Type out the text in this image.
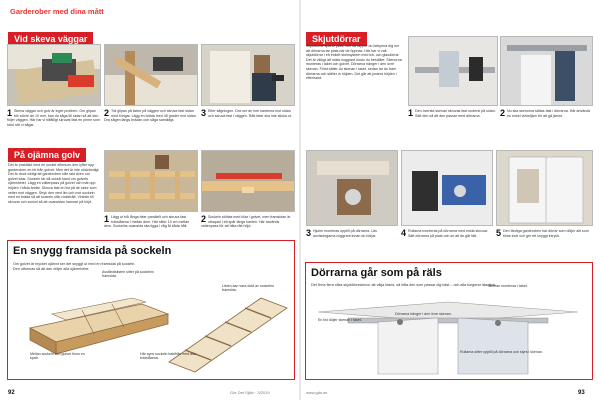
Garderober med dina mått
Vid skeva väggar
1 Skeva väggar och golv är inget problem. Om glipan blir större än 10 mm, kan du såga till sidan så att den följer väggen. Här har vi tillfälligt skruvat fast en pinne som stöd när vi sågar.
2 Trä glipan på listen på väggen och skruva fast sidan med tvingar. Lägg en bräda med 45 grader mot sidan. Dra sågen längs brädan och såga samtidigt.
3 Efter sågningen. Dra ner de inre kanterna mot sidan och skruva fast i väggen. Rätt bitar ska inte sticka ut.
På ojämna golv
Det är praktiskt med en sockel eftersom den lyfter upp garderoben en bit från golvet. Men det är inte nödvändigt. Det är dock viktigt att garderoben står rakt även om golvet lutar. Sockeln tar då också hand om golvets ojämnheter. Lägg en vattenpass på golvet och mät upp höjden i båda ändar. Skruva fast en list på de sidor som vetter mot väggen. Stryk den med lim och mot sockeln med en bräda så att sockeln står vinkelrätt. Vinkeln till skruvar och sockel så att ovansidan hamnar på höjd.
1 Lägg ut två långa bitar parallellt och skruva fast tvärslåarna i mellan dem. Här sitter 10 cm mellan dem. Sockelns ovansida ska ligga i våg åt båda håll.
2 Sockeln stöttas med kilar i golvet, men framsidan är utkapad i ett spår längs kanten. Här används vattenpass för att hitta rätt höjd.
En snygg framsida på sockeln
Om golvet är mycket ojämnt ser det snyggt ut med en framsida på sockeln. Den utformas så att den döljer alla ojämnheter.
Avståndslisten sitter på sockelns framsida.
Mellan sockeln och golvet finns en spalt.
Listen kan vara dold av sockelns framsida.
Här syns sockeln bakifrån med alla tvärslåarna.
92	Gör Det Själv · 3/2019
Skjutdörrar
Skjutdörrar sparar plats, och så slipper du bekymra dig om att dörrarna tar plats när de öppnas. Här har vi valt skjutdörrar i ett enkelt skensystem med trä- och glasdörrar. Det är viktigt att mäta noggrant innan du beställer. Skenorna monteras i taket och golvet. Dörrarna hänger i den övre skenan. Först sätter du skenan i taket, sedan tar du fram dörrarna och ställer in höjden. Det går att justera höjden i efterhand.
1 Den översta skenan skruvas fast underst på sidan. Sätt den så att den passar med dörrarna.	2 Nu ska skenorna sättas fast i dörrarna. Här används en enkel vinkeljärn för att gå jämnt.
3 Hjulen monteras upptill på dörrarna. Läs anvisningarna noggrant innan du börjar.	4 Rullarna monteras på dörrarna med enkla skruvar. Sätt dörrarna på plats och se att de går lätt.	5 Den färdiga garderoben har dörrar som döljer allt som finns inuti och ger ett snyggt intryck.
Dörrarna går som på räls
Det finns flera olika skjutdörrsskenor att välja bland, så hitta den som passar dig bäst – och alla fungerar likadant.
Skenan monteras i taket.
Dörrarna hänger i den övre skenan.
En list döljer skenan i taket.
Rullarna sitter upptill på dörrarna och styrs i skenan.
www.gds.se	93
